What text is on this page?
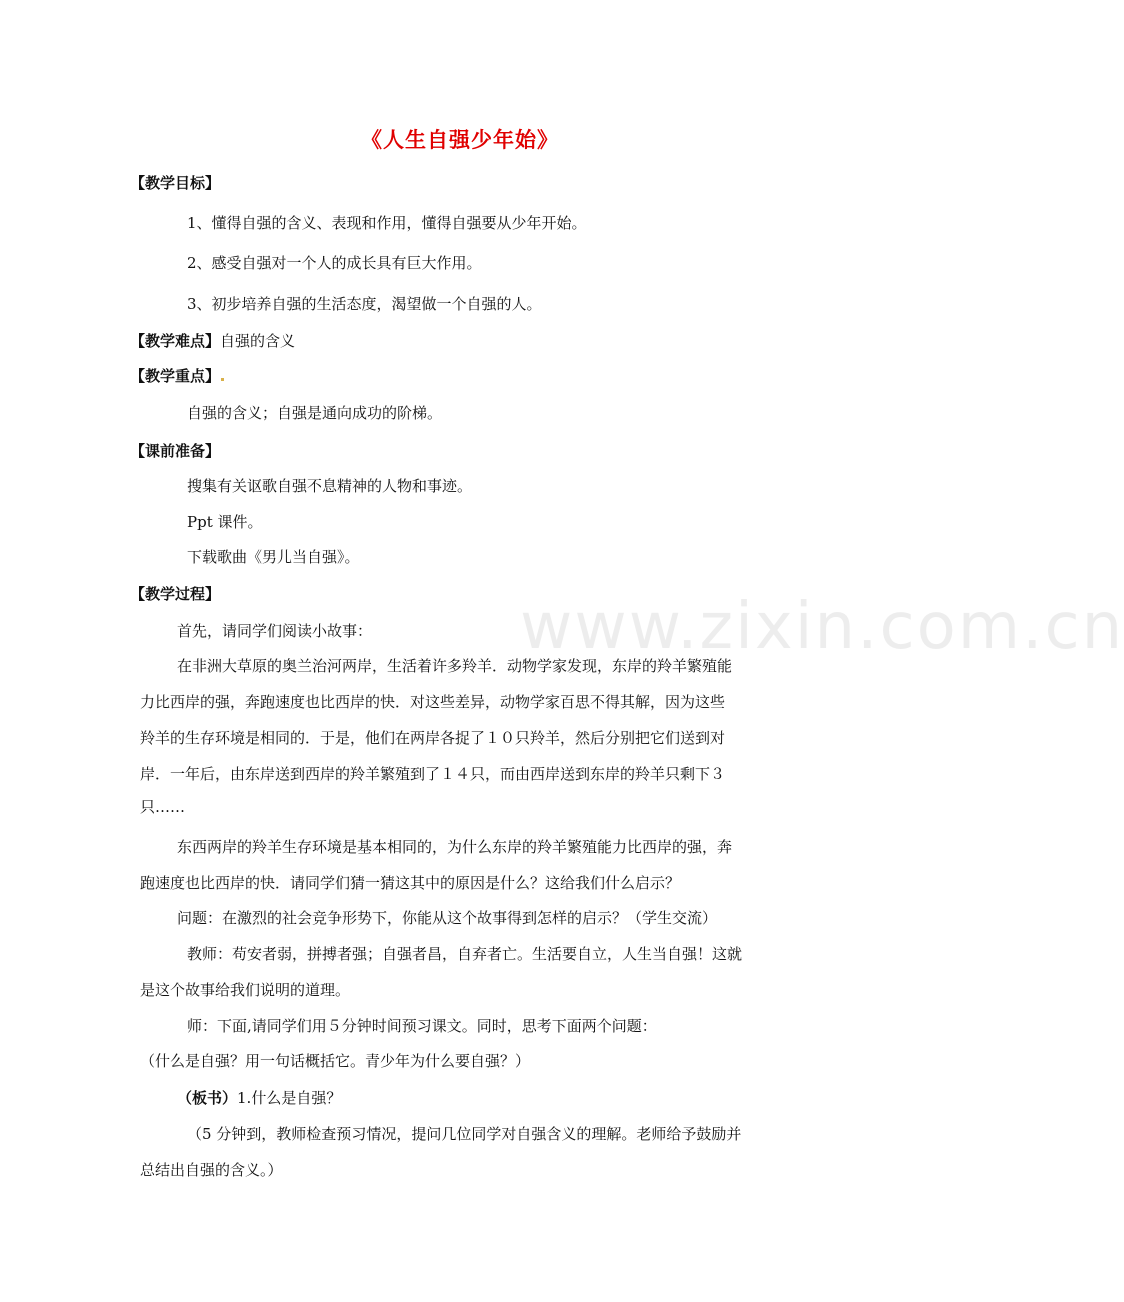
www.zixin.com.cn
《人生自强少年始》
【教学目标】
1、懂得自强的含义、表现和作用，懂得自强要从少年开始。
2、感受自强对一个人的成长具有巨大作用。
3、初步培养自强的生活态度，渴望做一个自强的人。
【教学难点】自强的含义
【教学重点】
自强的含义；自强是通向成功的阶梯。
【课前准备】
搜集有关讴歌自强不息精神的人物和事迹。
Ppt 课件。
下载歌曲《男儿当自强》。
【教学过程】
首先，请同学们阅读小故事：
在非洲大草原的奥兰治河两岸，生活着许多羚羊．动物学家发现，东岸的羚羊繁殖能
力比西岸的强，奔跑速度也比西岸的快．对这些差异，动物学家百思不得其解，因为这些
羚羊的生存环境是相同的．于是，他们在两岸各捉了１０只羚羊，然后分别把它们送到对
岸．一年后，由东岸送到西岸的羚羊繁殖到了１４只，而由西岸送到东岸的羚羊只剩下３
只……
东西两岸的羚羊生存环境是基本相同的，为什么东岸的羚羊繁殖能力比西岸的强，奔
跑速度也比西岸的快．请同学们猜一猜这其中的原因是什么？这给我们什么启示？
问题：在激烈的社会竞争形势下，你能从这个故事得到怎样的启示？（学生交流）
教师：苟安者弱，拼搏者强；自强者昌，自弃者亡。生活要自立，人生当自强！这就
是这个故事给我们说明的道理。
师：下面,请同学们用５分钟时间预习课文。同时，思考下面两个问题：
（什么是自强？用一句话概括它。青少年为什么要自强？）
（板书）1.什么是自强？
（5 分钟到，教师检查预习情况，提问几位同学对自强含义的理解。老师给予鼓励并
总结出自强的含义。）
